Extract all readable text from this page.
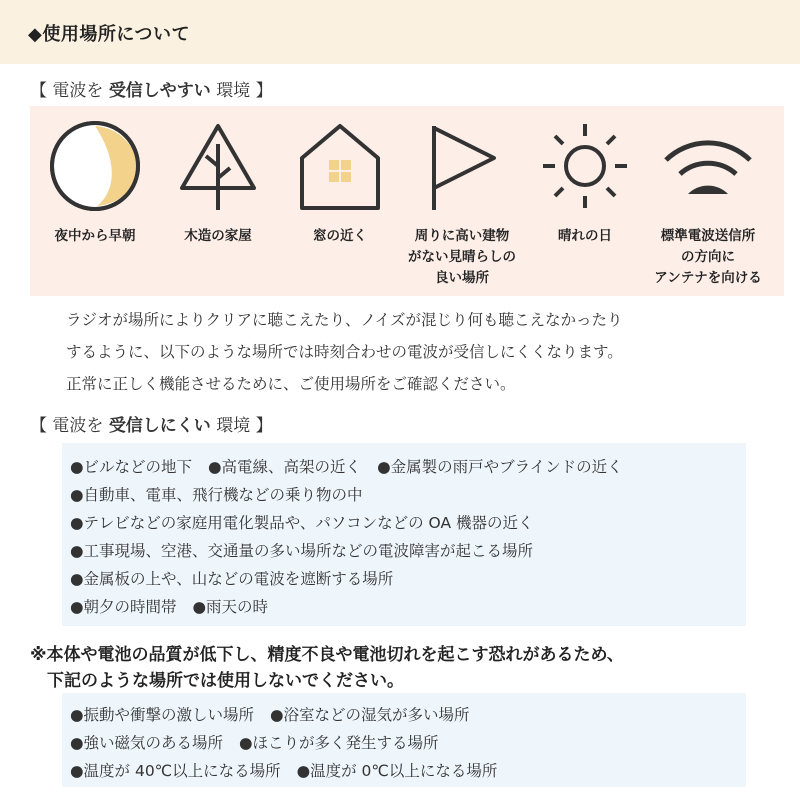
◆使用場所について
【 電波を 受信しやすい 環境 】
夜中から早朝	木造の家屋	窓の近く	周りに高い建物
がない見晴らしの
良い場所
晴れの日	標準電波送信所
の方向に
アンテナを向ける
ラジオが場所によりクリアに聴こえたり、ノイズが混じり何も聴こえなかったり
するように、以下のような場所では時刻合わせの電波が受信しにくくなります。
正常に正しく機能させるために、ご使用場所をご確認ください。
【 電波を 受信しにくい 環境 】
●ビルなどの地下 ●高電線、高架の近く ●金属製の雨戸やブラインドの近く
●自動車、電車、飛行機などの乗り物の中
●テレビなどの家庭用電化製品や、パソコンなどの OA 機器の近く
●工事現場、空港、交通量の多い場所などの電波障害が起こる場所
●金属板の上や、山などの電波を遮断する場所
●朝夕の時間帯 ●雨天の時
※本体や電池の品質が低下し、精度不良や電池切れを起こす恐れがあるため、
　下記のような場所では使用しないでください。
●振動や衝撃の激しい場所 ●浴室などの湿気が多い場所
●強い磁気のある場所 ●ほこりが多く発生する場所
●温度が 40℃以上になる場所 ●温度が 0℃以上になる場所
